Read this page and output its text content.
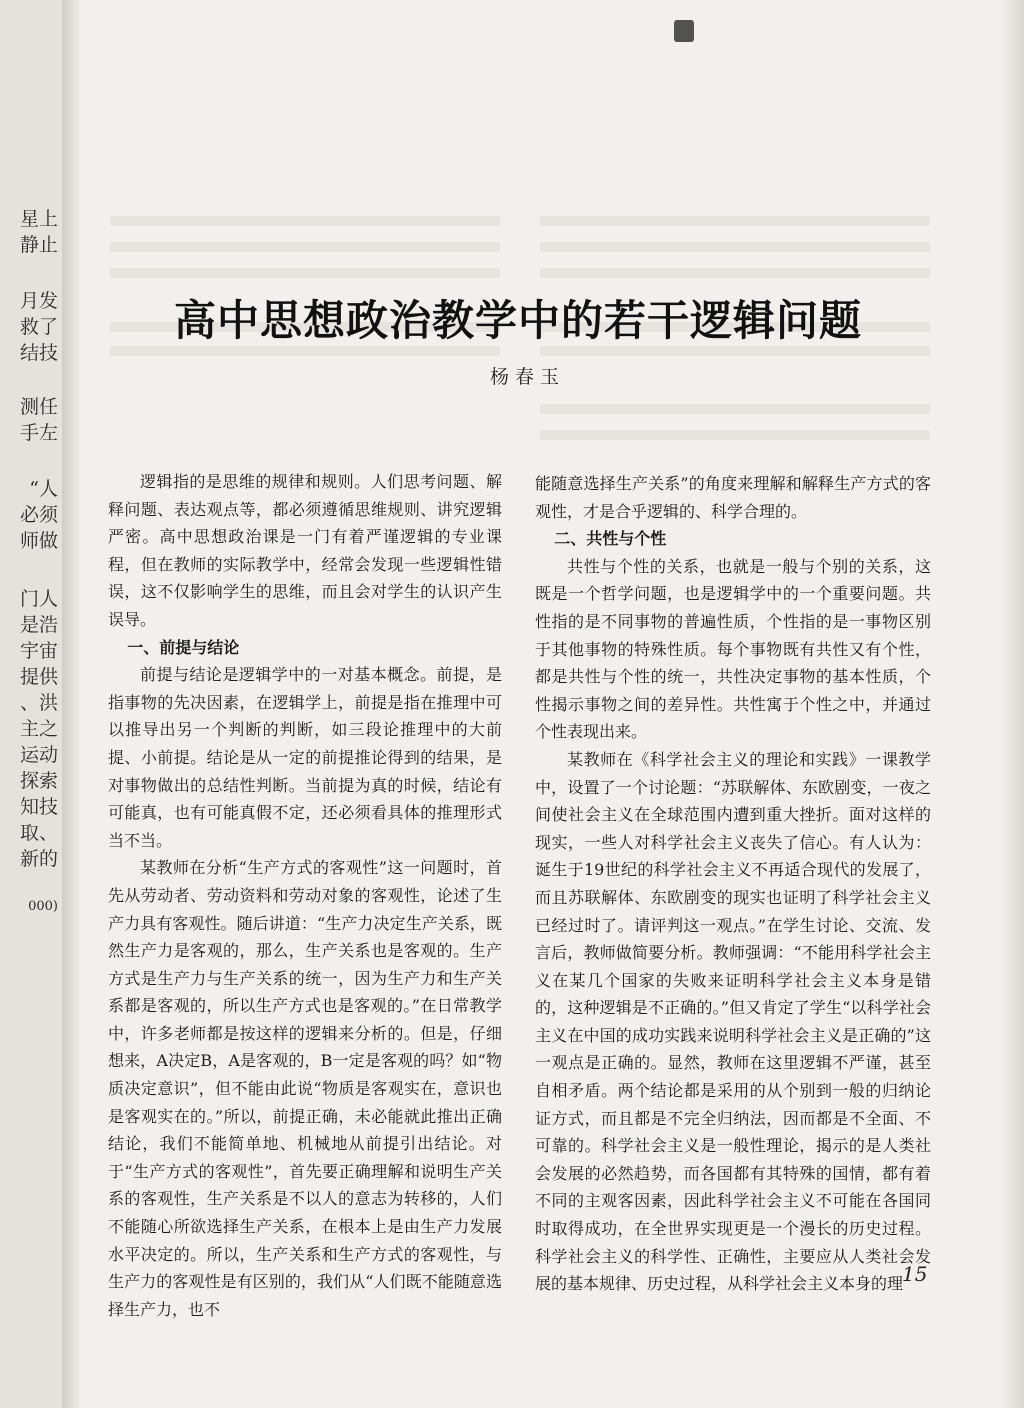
星上
静止
月发
救了
结技
测任
手左
“人
必须
师做
门人
是浩
宇宙
提供
、洪
主之
运动
探索
知技
取、
新的
000)
高中思想政治教学中的若干逻辑问题
杨春玉

逻辑指的是思维的规律和规则。人们思考问题、解释问题、表达观点等，都必须遵循思维规则、讲究逻辑严密。高中思想政治课是一门有着严谨逻辑的专业课程，但在教师的实际教学中，经常会发现一些逻辑性错误，这不仅影响学生的思维，而且会对学生的认识产生误导。

一、前提与结论

前提与结论是逻辑学中的一对基本概念。前提，是指事物的先决因素，在逻辑学上，前提是指在推理中可以推导出另一个判断的判断，如三段论推理中的大前提、小前提。结论是从一定的前提推论得到的结果，是对事物做出的总结性判断。当前提为真的时候，结论有可能真，也有可能真假不定，还必须看具体的推理形式当不当。

某教师在分析“生产方式的客观性”这一问题时，首先从劳动者、劳动资料和劳动对象的客观性，论述了生产力具有客观性。随后讲道：“生产力决定生产关系，既然生产力是客观的，那么，生产关系也是客观的。生产方式是生产力与生产关系的统一，因为生产力和生产关系都是客观的，所以生产方式也是客观的。”在日常教学中，许多老师都是按这样的逻辑来分析的。但是，仔细想来，A决定B，A是客观的，B一定是客观的吗？如“物质决定意识”，但不能由此说“物质是客观实在，意识也是客观实在的。”所以，前提正确，未必能就此推出正确结论，我们不能简单地、机械地从前提引出结论。对于“生产方式的客观性”，首先要正确理解和说明生产关系的客观性，生产关系是不以人的意志为转移的，人们不能随心所欲选择生产关系，在根本上是由生产力发展水平决定的。所以，生产关系和生产方式的客观性，与生产力的客观性是有区别的，我们从“人们既不能随意选择生产力，也不

能随意选择生产关系”的角度来理解和解释生产方式的客观性，才是合乎逻辑的、科学合理的。

二、共性与个性

共性与个性的关系，也就是一般与个别的关系，这既是一个哲学问题，也是逻辑学中的一个重要问题。共性指的是不同事物的普遍性质，个性指的是一事物区别于其他事物的特殊性质。每个事物既有共性又有个性，都是共性与个性的统一，共性决定事物的基本性质，个性揭示事物之间的差异性。共性寓于个性之中，并通过个性表现出来。

某教师在《科学社会主义的理论和实践》一课教学中，设置了一个讨论题：“苏联解体、东欧剧变，一夜之间使社会主义在全球范围内遭到重大挫折。面对这样的现实，一些人对科学社会主义丧失了信心。有人认为：诞生于19世纪的科学社会主义不再适合现代的发展了，而且苏联解体、东欧剧变的现实也证明了科学社会主义已经过时了。请评判这一观点。”在学生讨论、交流、发言后，教师做简要分析。教师强调：“不能用科学社会主义在某几个国家的失败来证明科学社会主义本身是错的，这种逻辑是不正确的。”但又肯定了学生“以科学社会主义在中国的成功实践来说明科学社会主义是正确的”这一观点是正确的。显然，教师在这里逻辑不严谨，甚至自相矛盾。两个结论都是采用的从个别到一般的归纳论证方式，而且都是不完全归纳法，因而都是不全面、不可靠的。科学社会主义是一般性理论，揭示的是人类社会发展的必然趋势，而各国都有其特殊的国情，都有着不同的主观客因素，因此科学社会主义不可能在各国同时取得成功，在全世界实现更是一个漫长的历史过程。科学社会主义的科学性、正确性，主要应从人类社会发展的基本规律、历史过程，从科学社会主义本身的理

15
